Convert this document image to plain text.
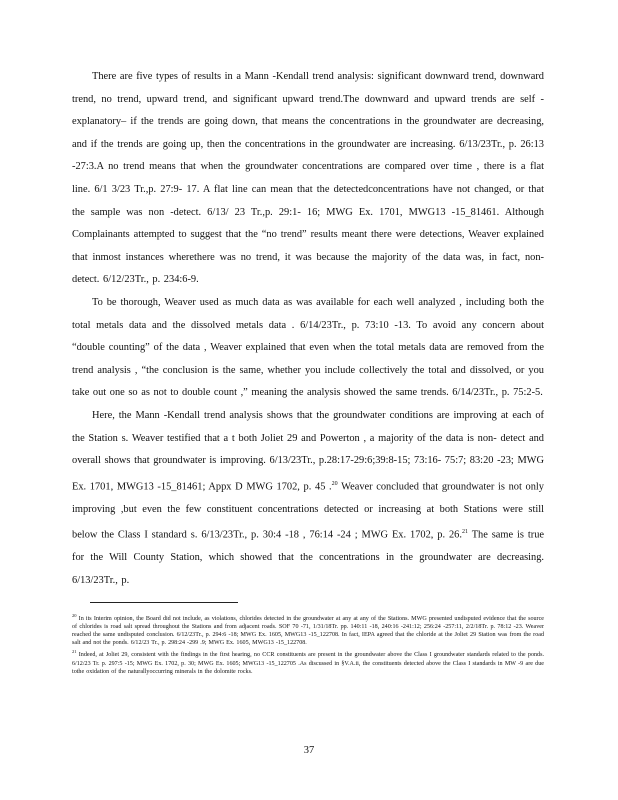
There are five types of results in a Mann -Kendall trend analysis: significant downward trend, downward trend, no trend, upward trend, and significant upward trend.The downward and upward trends are self -explanatory– if the trends are going down, that means the concentrations in the groundwater are decreasing, and if the trends are going up, then the concentrations in the groundwater are increasing. 6/13/23Tr., p. 26:13 -27:3.A no trend means that when the groundwater concentrations are compared over time , there is a flat line. 6/1 3/23 Tr.,p. 27:9- 17. A flat line can mean that the detectedconcentrations have not changed, or that the sample was non -detect. 6/13/ 23 Tr.,p. 29:1- 16; MWG Ex. 1701, MWG13 -15_81461. Although Complainants attempted to suggest that the “no trend” results meant there were detections, Weaver explained that inmost instances wherethere was no trend, it was because the majority of the data was, in fact, non-detect. 6/12/23Tr., p. 234:6-9.

To be thorough, Weaver used as much data as was available for each well analyzed , including both the total metals data and the dissolved metals data . 6/14/23Tr., p. 73:10 -13. To avoid any concern about “double counting” of the data , Weaver explained that even when the total metals data are removed from the trend analysis , “the conclusion is the same, whether you include collectively the total and dissolved, or you take out one so as not to double count ,” meaning the analysis showed the same trends. 6/14/23Tr., p. 75:2-5.

Here, the Mann -Kendall trend analysis shows that the groundwater conditions are improving at each of the Station s. Weaver testified that a t both Joliet 29 and Powerton , a majority of the data is non- detect and overall shows that groundwater is improving. 6/13/23Tr., p.28:17-29:6;39:8-15; 73:16- 75:7; 83:20 -23; MWG Ex. 1701, MWG13 -15_81461; Appx D MWG 1702, p. 45 .$^{20}$ Weaver concluded that groundwater is not only improving ,but even the few constituent concentrations detected or increasing at both Stations were still below the Class I standard s. 6/13/23Tr., p. 30:4 -18 , 76:14 -24 ; MWG Ex. 1702, p. 26.21 The same is true for the Will County Station, which showed that the concentrations in the groundwater are decreasing. 6/13/23Tr., p.

$^{20}$ In its Interim opinion, the Board did not include, as violations, chlorides detected in the groundwater at any at any of the Stations. MWG presented undisputed evidence that the source of chlorides is road salt spread throughout the Stations and from adjacent roads. SOF 70 -71, 1/31/18Tr. pp. 140:11 -18, 240:16 -241:12; 256:24 -257:11, 2/2/18Tr. p. 78:12 -23. Weaver reached the same undisputed conclusion. 6/12/23Tr., p. 294:6 -18; MWG Ex. 1605, MWG13 -15_122708. In fact, IEPA agreed that the chloride at the Joliet 29 Station was from the road salt and not the ponds. 6/12/23 Tr., p. 298:24 -299 .9; MWG Ex. 1605, MWG13 -15_122708.

$^{21}$ Indeed, at Joliet 29, consistent with the findings in the first hearing, no CCR constituents are present in the groundwater above the Class I groundwater standards related to the ponds. 6/12/23 Tr. p. 297:5 -15; MWG Ex. 1702, p. 30; MWG Ex. 1605; MWG13 -15_122705 .As discussed in §V.A.ii, the constituents detected above the Class I standards in MW -9 are due tothe oxidation of the naturallyoccurring minerals in the dolomite rocks.

37
